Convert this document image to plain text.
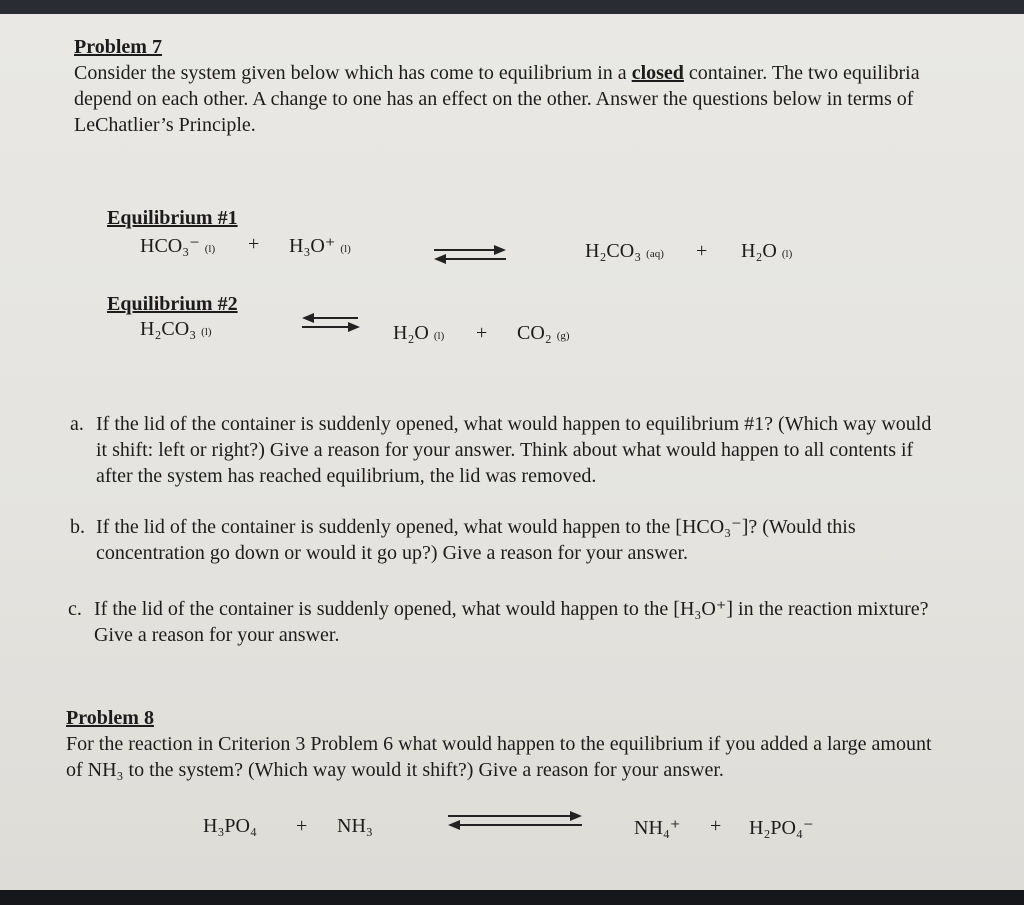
Problem 7
Consider the system given below which has come to equilibrium in a closed container. The two equilibria depend on each other. A change to one has an effect on the other. Answer the questions below in terms of LeChatlier’s Principle.
Equilibrium #1
HCO₃⁻ (l) + H₃O⁺ (l)	H₂CO₃ (aq) + H₂O (l)
Equilibrium #2
H₂CO₃ (l)	H₂O (l) + CO₂ (g)
a. If the lid of the container is suddenly opened, what would happen to equilibrium #1? (Which way would it shift: left or right?) Give a reason for your answer. Think about what would happen to all contents if after the system has reached equilibrium, the lid was removed.
b. If the lid of the container is suddenly opened, what would happen to the [HCO₃⁻]? (Would this concentration go down or would it go up?) Give a reason for your answer.
c. If the lid of the container is suddenly opened, what would happen to the [H₃O⁺] in the reaction mixture? Give a reason for your answer.
Problem 8
For the reaction in Criterion 3 Problem 6 what would happen to the equilibrium if you added a large amount of NH₃ to the system? (Which way would it shift?) Give a reason for your answer.
H₃PO₄ + NH₃	NH₄⁺ + H₂PO₄⁻
